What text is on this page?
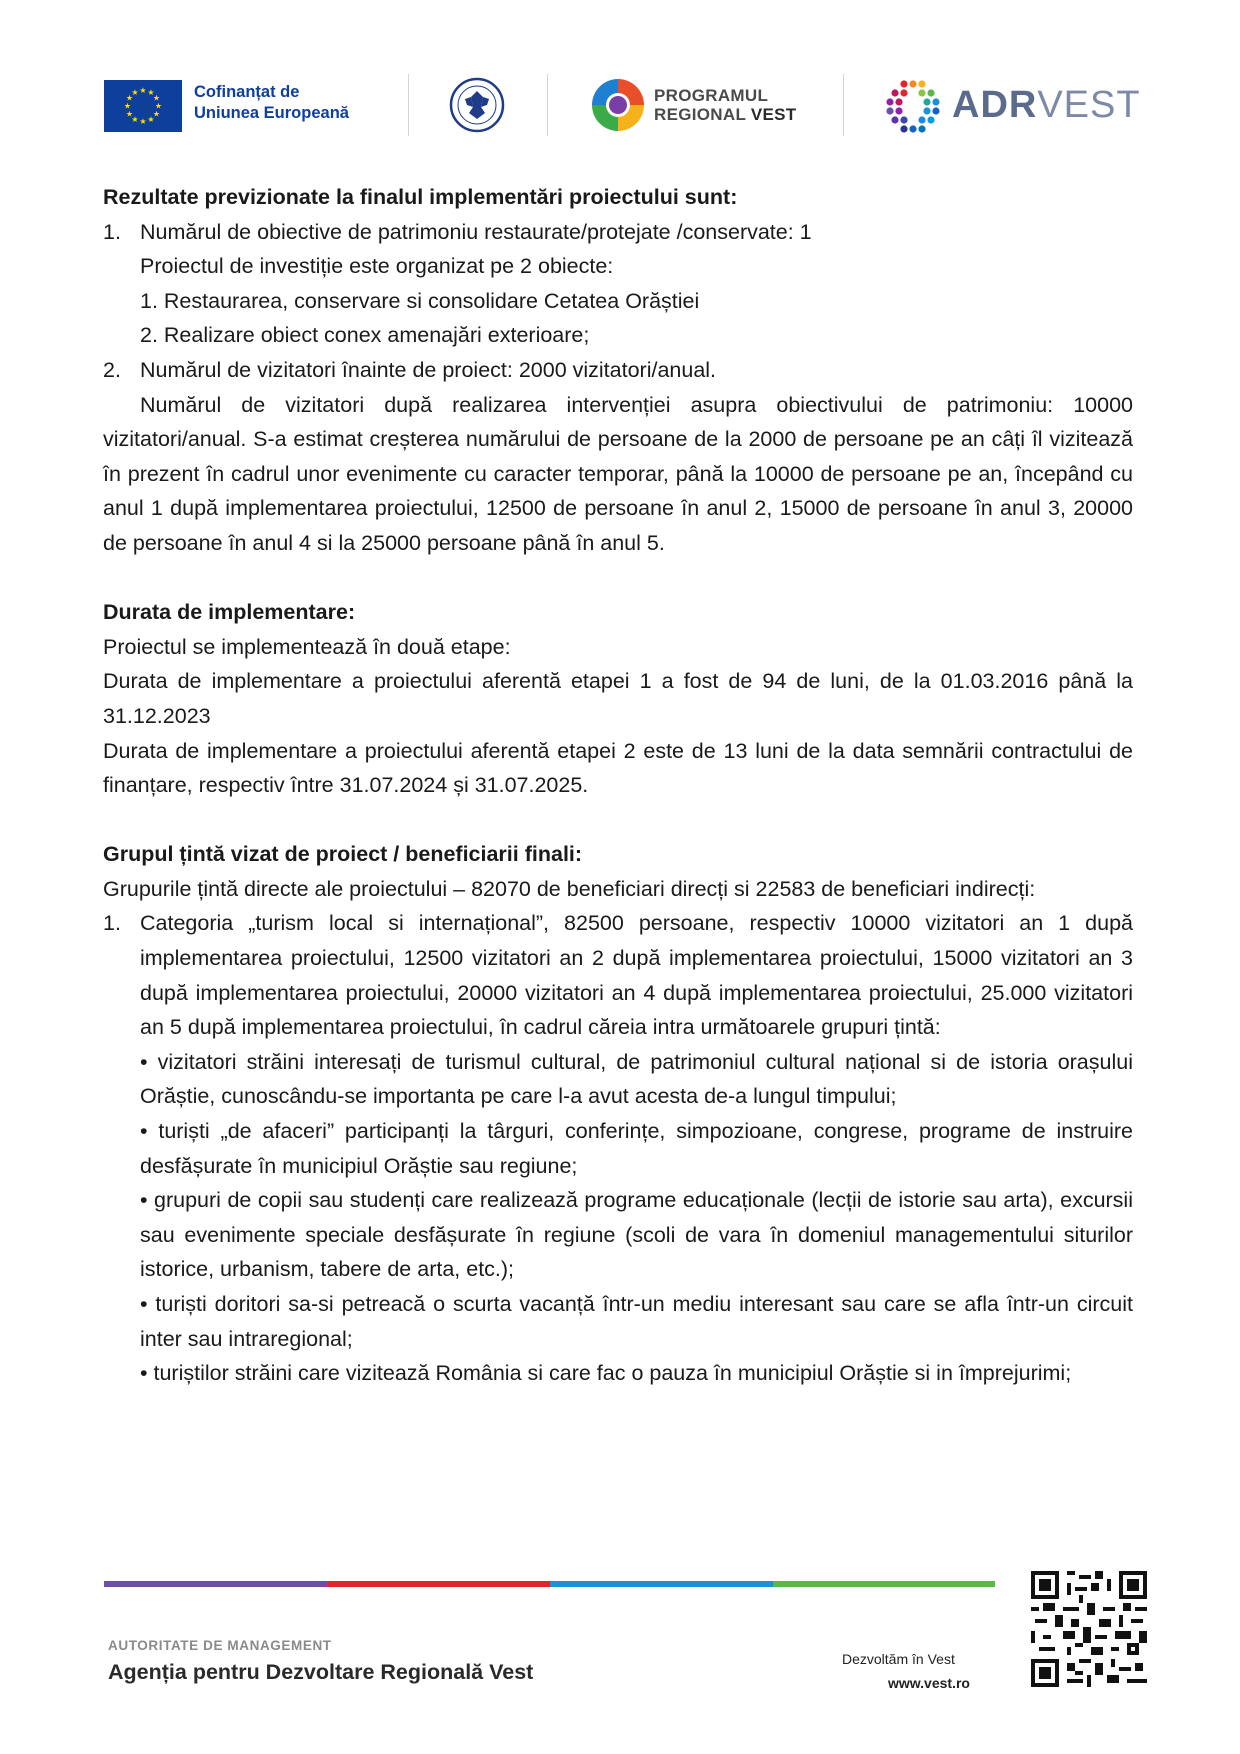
★ ★
★
★
★
★
★
★
★
★
★
★	Cofinanțat de
Uniunea Europeană
PROGRAMUL
REGIONAL VEST	ADRVEST

Rezultate previzionate la finalul implementări proiectului sunt:

1. Numărul de obiective de patrimoniu restaurate/protejate /conservate: 1

Proiectul de investiție este organizat pe 2 obiecte:

1. Restaurarea, conservare si consolidare Cetatea Orăștiei

2. Realizare obiect conex amenajări exterioare;

2. Numărul de vizitatori înainte de proiect: 2000 vizitatori/anual.

Numărul de vizitatori după realizarea intervenției asupra obiectivului de patrimoniu: 10000 vizitatori/anual. S-a estimat creșterea numărului de persoane de la 2000 de persoane pe an câți îl vizitează în prezent în cadrul unor evenimente cu caracter temporar, până la 10000 de persoane pe an, începând cu anul 1 după implementarea proiectului, 12500 de persoane în anul 2, 15000 de persoane în anul 3, 20000 de persoane în anul 4 si la 25000 persoane până în anul 5.

Durata de implementare:

Proiectul se implementează în două etape:

Durata de implementare a proiectului aferentă etapei 1 a fost de 94 de luni, de la 01.03.2016 până la 31.12.2023

Durata de implementare a proiectului aferentă etapei 2 este de 13 luni de la data semnării contractului de finanțare, respectiv între 31.07.2024 și 31.07.2025.

Grupul țintă vizat de proiect / beneficiarii finali:

Grupurile țintă directe ale proiectului – 82070 de beneficiari direcți si 22583 de beneficiari indirecți:

1. Categoria „turism local si internațional”, 82500 persoane, respectiv 10000 vizitatori an 1 după implementarea proiectului, 12500 vizitatori an 2 după implementarea proiectului, 15000 vizitatori an 3 după implementarea proiectului, 20000 vizitatori an 4 după implementarea proiectului, 25.000 vizitatori an 5 după implementarea proiectului, în cadrul căreia intra următoarele grupuri țintă:

• vizitatori străini interesați de turismul cultural, de patrimoniul cultural național si de istoria orașului Orăștie, cunoscându-se importanta pe care l-a avut acesta de-a lungul timpului;

• turiști „de afaceri” participanți la târguri, conferințe, simpozioane, congrese, programe de instruire desfășurate în municipiul Orăștie sau regiune;

• grupuri de copii sau studenți care realizează programe educaționale (lecții de istorie sau arta), excursii sau evenimente speciale desfășurate în regiune (scoli de vara în domeniul managementului siturilor istorice, urbanism, tabere de arta, etc.);

• turiști doritori sa-si petreacă o scurta vacanță într-un mediu interesant sau care se afla într-un circuit inter sau intraregional;

• turiștilor străini care vizitează România si care fac o pauza în municipiul Orăștie si in împrejurimi;

AUTORITATE DE MANAGEMENT
Agenția pentru Dezvoltare Regională Vest
Dezvoltăm în Vest
www.vest.ro
